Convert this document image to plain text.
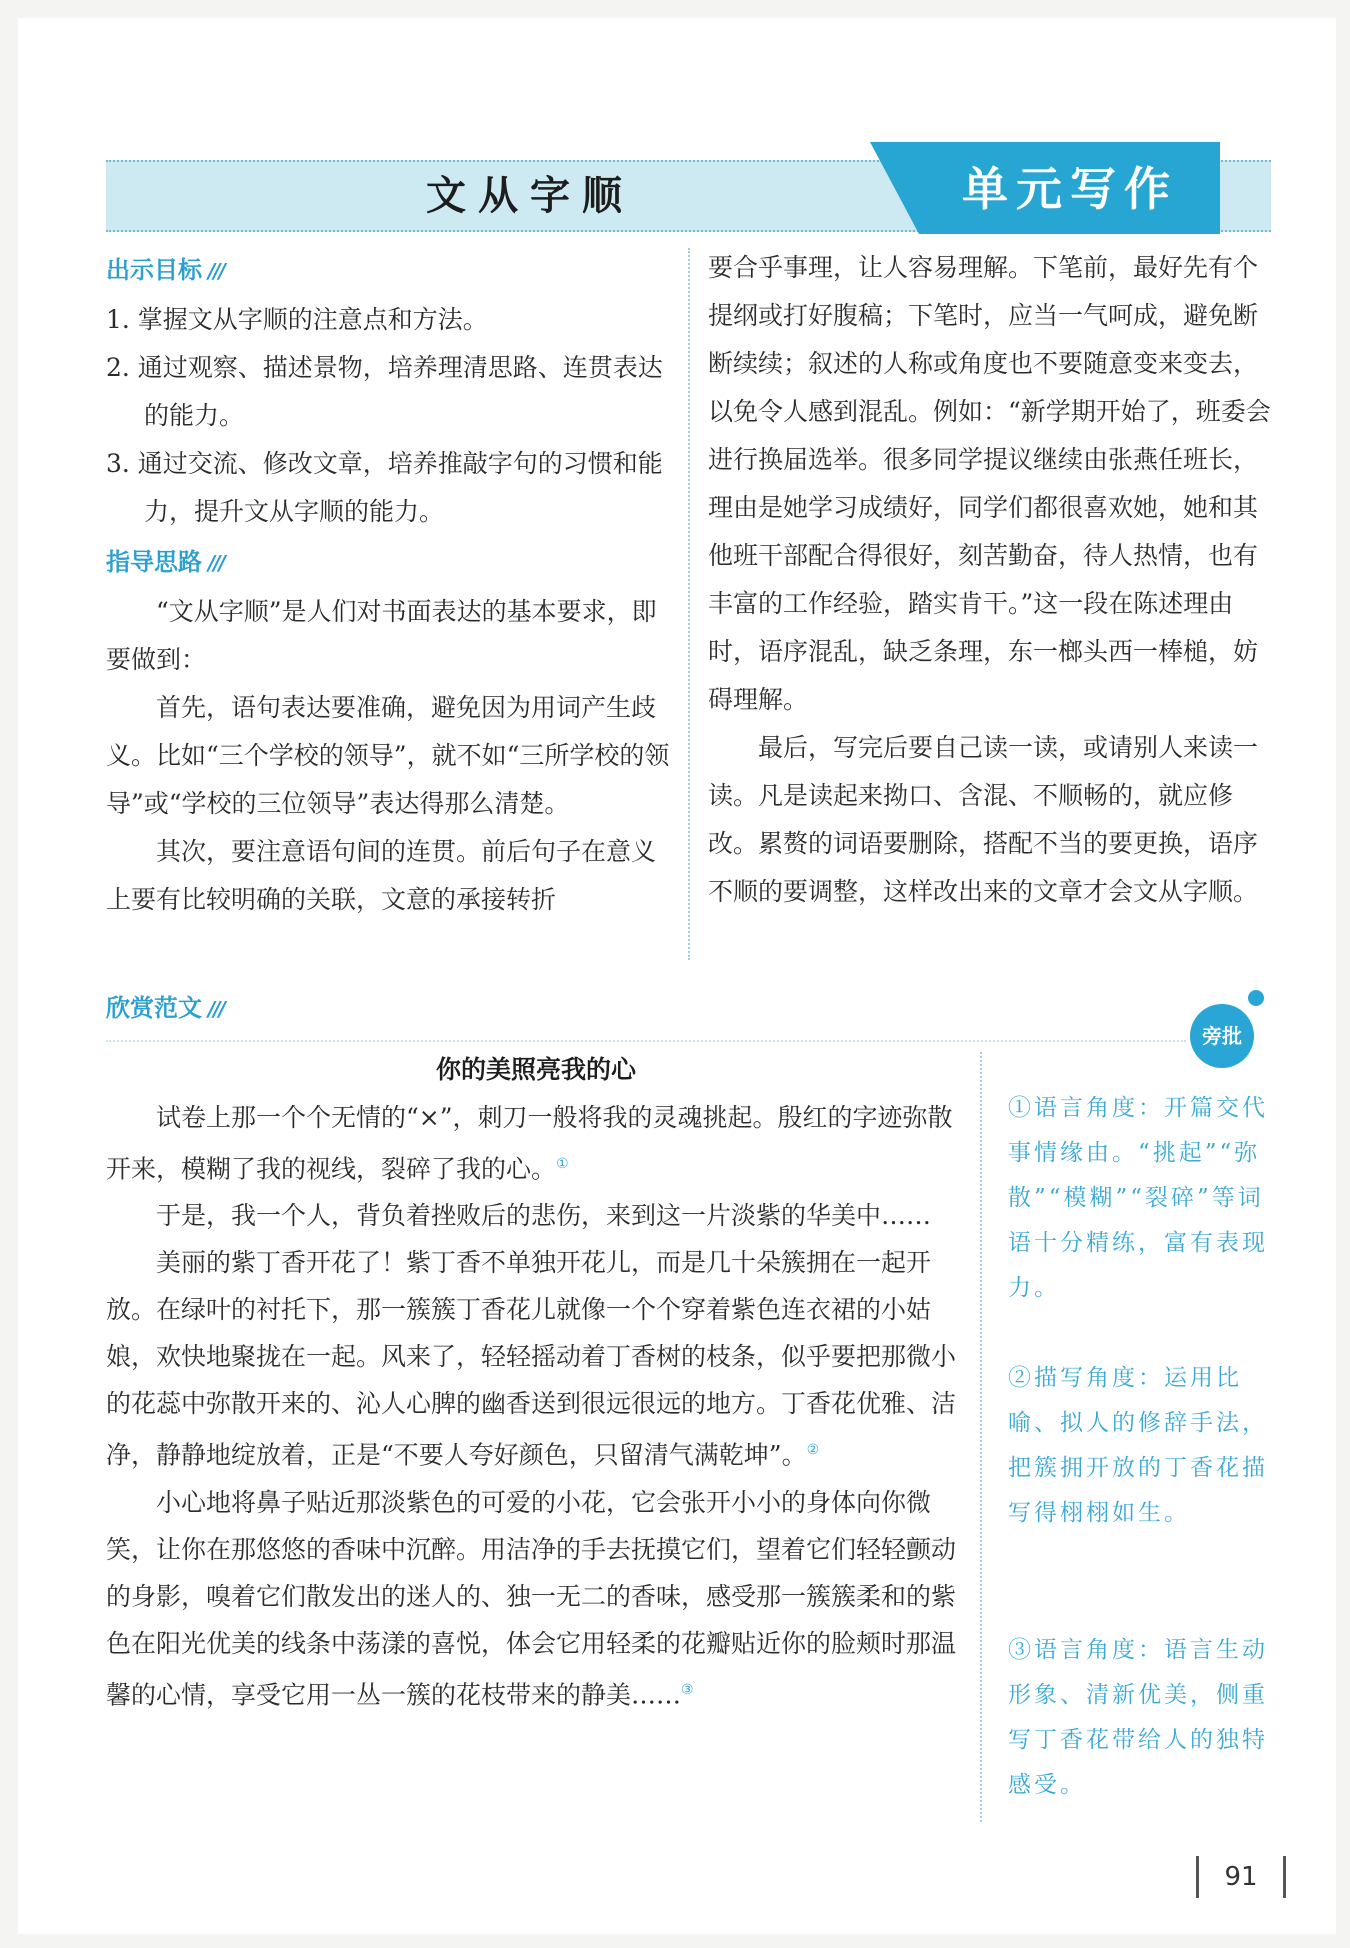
文从字顺	单元写作
出示目标 ///

1. 掌握文从字顺的注意点和方法。

2. 通过观察、描述景物，培养理清思路、连贯表达的能力。

3. 通过交流、修改文章，培养推敲字句的习惯和能力，提升文从字顺的能力。

指导思路 ///

“文从字顺”是人们对书面表达的基本要求，即要做到：

首先，语句表达要准确，避免因为用词产生歧义。比如“三个学校的领导”，就不如“三所学校的领导”或“学校的三位领导”表达得那么清楚。

其次，要注意语句间的连贯。前后句子在意义上要有比较明确的关联，文意的承接转折

要合乎事理，让人容易理解。下笔前，最好先有个提纲或打好腹稿；下笔时，应当一气呵成，避免断断续续；叙述的人称或角度也不要随意变来变去，以免令人感到混乱。例如：“新学期开始了，班委会进行换届选举。很多同学提议继续由张燕任班长，理由是她学习成绩好，同学们都很喜欢她，她和其他班干部配合得很好，刻苦勤奋，待人热情，也有丰富的工作经验，踏实肯干。”这一段在陈述理由时，语序混乱，缺乏条理，东一榔头西一棒槌，妨碍理解。

最后，写完后要自己读一读，或请别人来读一读。凡是读起来拗口、含混、不顺畅的，就应修改。累赘的词语要删除，搭配不当的要更换，语序不顺的要调整，这样改出来的文章才会文从字顺。

欣赏范文 ///
旁批
你的美照亮我的心

试卷上那一个个无情的“×”，刺刀一般将我的灵魂挑起。殷红的字迹弥散开来，模糊了我的视线，裂碎了我的心。①

于是，我一个人，背负着挫败后的悲伤，来到这一片淡紫的华美中……

美丽的紫丁香开花了！紫丁香不单独开花儿，而是几十朵簇拥在一起开放。在绿叶的衬托下，那一簇簇丁香花儿就像一个个穿着紫色连衣裙的小姑娘，欢快地聚拢在一起。风来了，轻轻摇动着丁香树的枝条，似乎要把那微小的花蕊中弥散开来的、沁人心脾的幽香送到很远很远的地方。丁香花优雅、洁净，静静地绽放着，正是“不要人夸好颜色，只留清气满乾坤”。②

小心地将鼻子贴近那淡紫色的可爱的小花，它会张开小小的身体向你微笑，让你在那悠悠的香味中沉醉。用洁净的手去抚摸它们，望着它们轻轻颤动的身影，嗅着它们散发出的迷人的、独一无二的香味，感受那一簇簇柔和的紫色在阳光优美的线条中荡漾的喜悦，体会它用轻柔的花瓣贴近你的脸颊时那温馨的心情，享受它用一丛一簇的花枝带来的静美……③

①语言角度：开篇交代事情缘由。“挑起”“弥散”“模糊”“裂碎”等词语十分精练，富有表现力。
②描写角度：运用比喻、拟人的修辞手法，把簇拥开放的丁香花描写得栩栩如生。
③语言角度：语言生动形象、清新优美，侧重写丁香花带给人的独特感受。
91
